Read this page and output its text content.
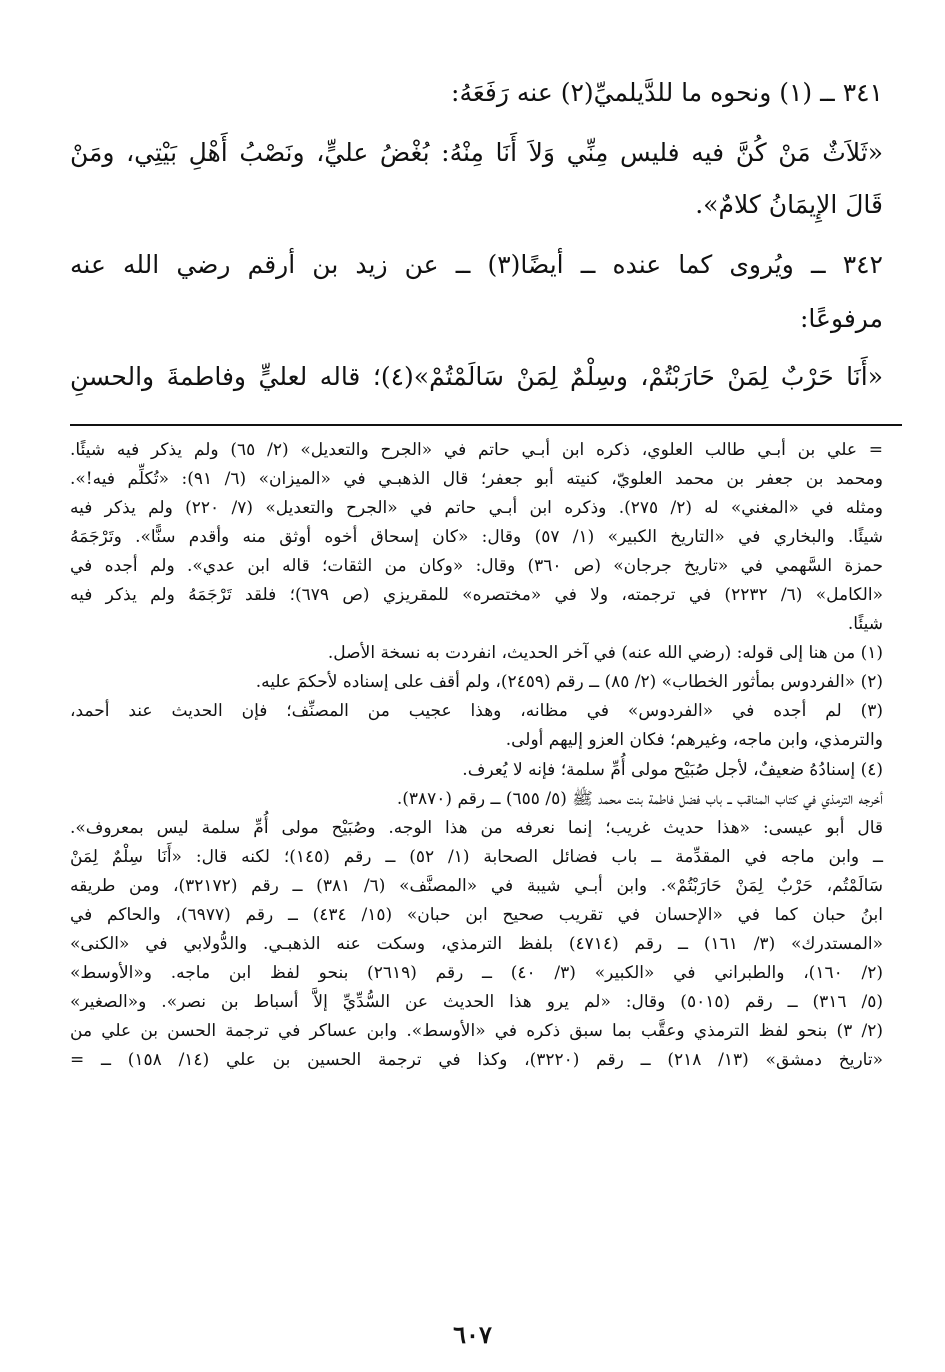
٣٤١ ــ (١) ونحوه ما للدَّيلميِّ(٢) عنه رَفَعَهُ:

«ثَلاَثٌ مَنْ كُنَّ فيه فليس مِنِّي وَلاَ أَنَا مِنْهُ: بُغْضُ عليٍّ، ونَصْبُ أَهْلِ بَيْتِي، ومَنْ

قَالَ الإِيمَانُ كلامٌ».

٣٤٢ ــ ويُروى كما عنده ــ أيضًا(٣) ــ عن زيد بن أرقم رضي الله عنه

مرفوعًا:

«أَنَا حَرْبٌ لِمَنْ حَارَبْتُمْ، وسِلْمٌ لِمَنْ سَالَمْتُمْ»(٤)؛ قاله لعليٍّ وفاطمةَ والحسنِ

= علي بن أبـي طالب العلوي، ذكره ابن أبـي حاتم في «الجرح والتعديل» (٢/ ٦٥) ولم يذكر فيه شيئًا.

ومحمد بن جعفر بن محمد العلويّ، كنيته أبو جعفر؛ قال الذهبـي في «الميزان» (٦/ ٩١): «تُكلِّم فيه!».

ومثله في «المغني» له (٢/ ٢٧٥). وذكره ابن أبـي حاتم في «الجرح والتعديل» (٧/ ٢٢٠) ولم يذكر فيه

شيئًا. والبخاري في «التاريخ الكبير» (١/ ٥٧) وقال: «كان إسحاق أخوه أوثق منه وأقدم سنًّا». وتَرْجَمَهُ

حمزة السَّهمي في «تاريخ جرجان» (ص ٣٦٠) وقال: «وكان من الثقات؛ قاله ابن عدي». ولم أجده في

«الكامل» (٦/ ٢٢٣٢) في ترجمته، ولا في «مختصره» للمقريزي (ص ٦٧٩)؛ فلقد تَرْجَمَهُ ولم يذكر فيه

شيئًا.

(١) من هنا إلى قوله: (رضي الله عنه) في آخر الحديث، انفردت به نسخة الأصل.

(٢) «الفردوس بمأثور الخطاب» (٢/ ٨٥) ــ رقم (٢٤٥٩)، ولم أقف على إسناده لأحكمَ عليه.

(٣) لم أجده في «الفردوس» في مظانه، وهذا عجيب من المصنِّف؛ فإن الحديث عند أحمد،

والترمذي، وابن ماجه، وغيرهم؛ فكان العزو إليهم أولى.

(٤) إسنادُهُ ضعيفٌ، لأجل صُبَيْح مولى أُمِّ سلمة؛ فإنه لا يُعرف.

أخرجه الترمذي في كتاب المناقب ــ باب فضل فاطمة بنت محمد ﷺ (٥/ ٦٥٥) ــ رقم (٣٨٧٠).

قال أبو عيسى: «هذا حديث غريب؛ إنما نعرفه من هذا الوجه. وصُبَيْح مولى أُمِّ سلمة ليس بمعروف».

ــ وابن ماجه في المقدِّمة ــ باب فضائل الصحابة (١/ ٥٢) ــ رقم (١٤٥)؛ لكنه قال: «أَنَا سِلْمٌ لِمَنْ

سَالَمْتُم، حَرْبٌ لِمَنْ حَارَبْتُمْ». وابن أبـي شيبة في «المصنَّف» (٦/ ٣٨١) ــ رقم (٣٢١٧٢)، ومن طريقه

ابنُ حبان كما في «الإحسان في تقريب صحيح ابن حبان» (١٥/ ٤٣٤) ــ رقم (٦٩٧٧)، والحاكم في

«المستدرك» (٣/ ١٦١) ــ رقم (٤٧١٤) بلفظ الترمذي، وسكت عنه الذهبـي. والدُّولابي في «الكنى»

(٢/ ١٦٠)، والطبراني في «الكبير» (٣/ ٤٠) ــ رقم (٢٦١٩) بنحو لفظ ابن ماجه. و«الأوسط»

(٥/ ٣١٦) ــ رقم (٥٠١٥) وقال: «لم يرو هذا الحديث عن السُّدِّيِّ إلاَّ أسباط بن نصر». و«الصغير»

(٢/ ٣) بنحو لفظ الترمذي وعقَّب بما سبق ذكره في «الأوسط». وابن عساكر في ترجمة الحسن بن علي من

«تاريخ دمشق» (١٣/ ٢١٨) ــ رقم (٣٢٢٠)، وكذا في ترجمة الحسين بن علي (١٤/ ١٥٨) ــ =

٦٠٧
